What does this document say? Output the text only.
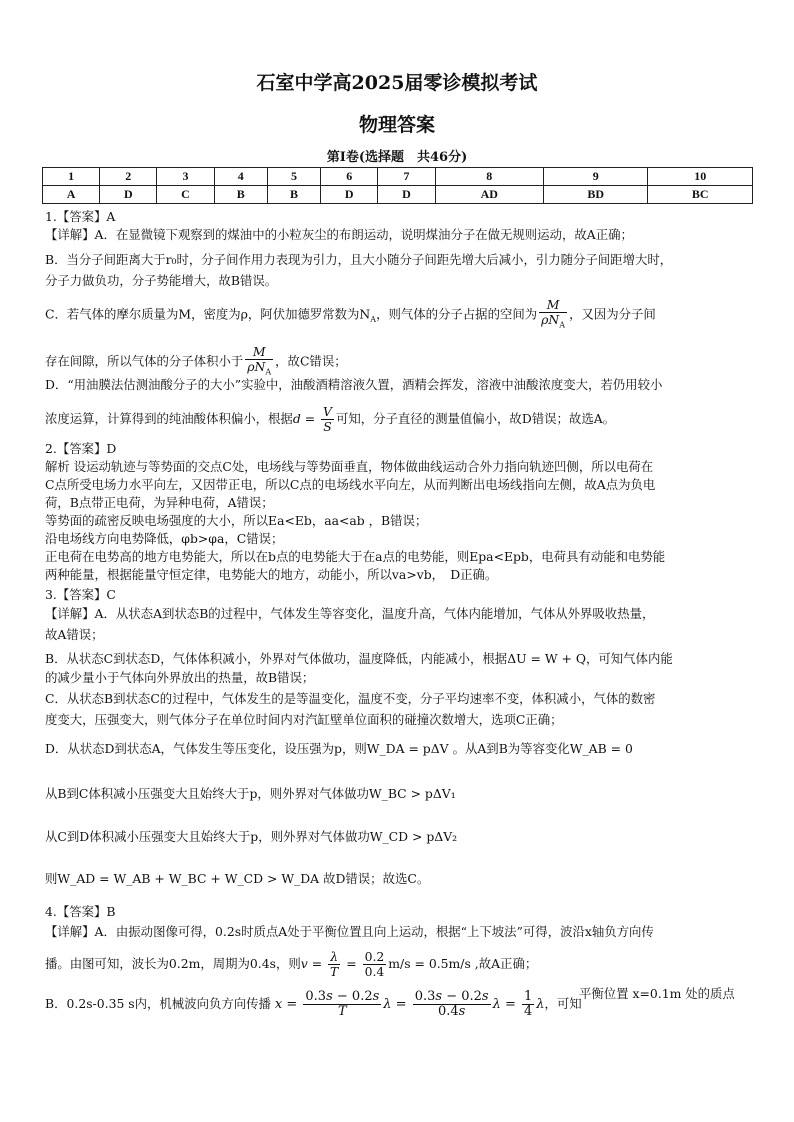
石室中学高2025届零诊模拟考试
物理答案
第Ⅰ卷(选择题　共46分)
1	2	3	4	5	6	7	8	9	10
A	D	C	B	B	D	D	AD	BD	BC
1.【答案】A
【详解】A．在显微镜下观察到的煤油中的小粒灰尘的布朗运动，说明煤油分子在做无规则运动，故A正确；
B．当分子间距离大于r₀时，分子间作用力表现为引力，且大小随分子间距先增大后减小，引力随分子间距增大时，
分子力做负功，分子势能增大，故B错误。
C．若气体的摩尔质量为M，密度为ρ，阿伏加德罗常数为$N_A$，则气体的分子占据的空间为 $\frac{M}{\rho N_A}$ ，又因为分子间
存在间隙，所以气体的分子体积小于 $\frac{M}{\rho N_A}$ ，故C错误；
D．“用油膜法估测油酸分子的大小”实验中，油酸酒精溶液久置，酒精会挥发，溶液中油酸浓度变大，若仍用较小
浓度运算，计算得到的纯油酸体积偏小，根据$d = \frac{V}{S}$ 可知，分子直径的测量值偏小，故D错误；故选A。
2.【答案】D
解析 设运动轨迹与等势面的交点C处，电场线与等势面垂直，物体做曲线运动合外力指向轨迹凹侧，所以电荷在
C点所受电场力水平向左，又因带正电，所以C点的电场线水平向左，从而判断出电场线指向左侧，故A点为负电
荷，B点带正电荷，为异种电荷，A错误；
等势面的疏密反映电场强度的大小，所以Ea<Eb，aa<ab ，B错误；
沿电场线方向电势降低，φb>φa，C错误；
正电荷在电势高的地方电势能大，所以在b点的电势能大于在a点的电势能，则Epa<Epb，电荷具有动能和电势能
两种能量，根据能量守恒定律，电势能大的地方，动能小，所以va>vb，　D正确。
3.【答案】C
【详解】A．从状态A到状态B的过程中，气体发生等容变化，温度升高，气体内能增加，气体从外界吸收热量，
故A错误；
B．从状态C到状态D，气体体积减小，外界对气体做功，温度降低，内能减小，根据ΔU = W + Q，可知气体内能
的减少量小于气体向外界放出的热量，故B错误；
C．从状态B到状态C的过程中，气体发生的是等温变化，温度不变，分子平均速率不变，体积减小，气体的数密
度变大，压强变大，则气体分子在单位时间内对汽缸壁单位面积的碰撞次数增大，选项C正确；
D．从状态D到状态A，气体发生等压变化，设压强为p，则W_DA = pΔV 。从A到B为等容变化W_AB = 0
从B到C体积减小压强变大且始终大于p，则外界对气体做功W_BC > pΔV₁
从C到D体积减小压强变大且始终大于p，则外界对气体做功W_CD > pΔV₂
则W_AD = W_AB + W_BC + W_CD > W_DA 故D错误；故选C。
4.【答案】B
【详解】A．由振动图像可得，0.2s时质点A处于平衡位置且向上运动，根据“上下坡法”可得，波沿x轴负方向传
播。由图可知，波长为0.2m，周期为0.4s，则$v = \frac{\lambda}{T} = \frac{0.2}{0.4} m/s = 0.5m/s$ ,故A正确；
B．0.2s-0.35 s内，机械波向负方向传播 $x = \frac{0.3s - 0.2s}{T}$ $\lambda = \frac{0.3s - 0.2s}{0.4s}$ $\lambda = \frac{1}{4}$ λ，可知
平衡位置 x=0.1m 处的质点
